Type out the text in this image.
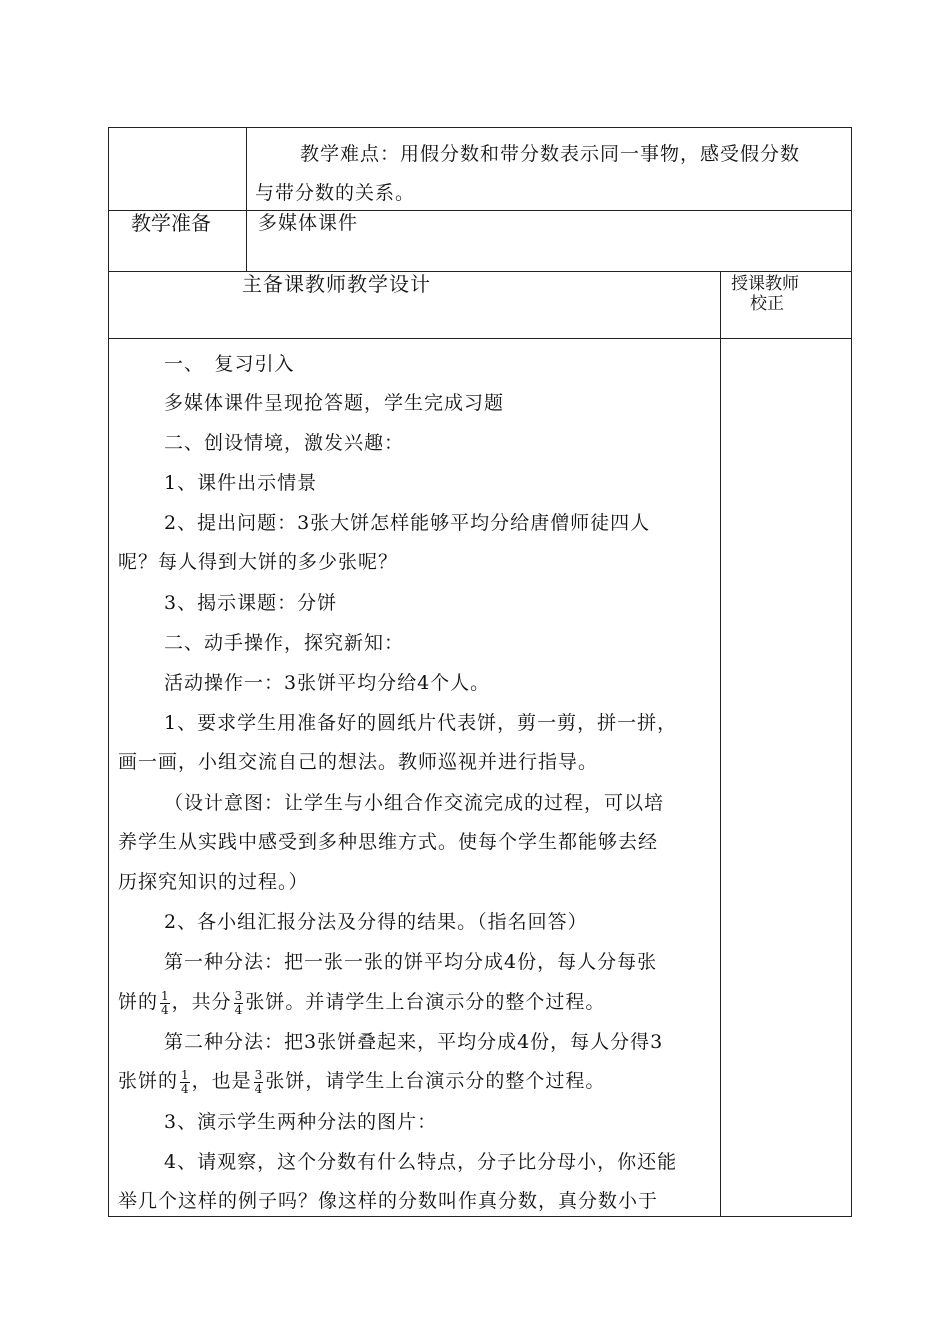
教学难点：用假分数和带分数表示同一事物，感受假分数
与带分数的关系。
教学准备 多媒体课件
主备课教师教学设计	授课教师
校正
一、　复习引入
多媒体课件呈现抢答题，学生完成习题
二、创设情境，激发兴趣：
1、课件出示情景
2、提出问题：3张大饼怎样能够平均分给唐僧师徒四人
呢？每人得到大饼的多少张呢？
3、揭示课题：分饼
二、动手操作，探究新知：
活动操作一：3张饼平均分给4个人。
1、要求学生用准备好的圆纸片代表饼，剪一剪，拼一拼，
画一画，小组交流自己的想法。教师巡视并进行指导。
（设计意图：让学生与小组合作交流完成的过程，可以培
养学生从实践中感受到多种思维方式。使每个学生都能够去经
历探究知识的过程。）
2、各小组汇报分法及分得的结果。（指名回答）
第一种分法：把一张一张的饼平均分成4份，每人分每张
饼的 $\frac{1}{4}$ ，共分 $\frac{3}{4}$ 张饼。并请学生上台演示分的整个过程。
第二种分法：把3张饼叠起来，平均分成4份，每人分得3
张饼的 $\frac{1}{4}$ ，也是 $\frac{3}{4}$ 张饼，请学生上台演示分的整个过程。
3、演示学生两种分法的图片：
4、请观察，这个分数有什么特点，分子比分母小，你还能
举几个这样的例子吗？像这样的分数叫作真分数，真分数小于
